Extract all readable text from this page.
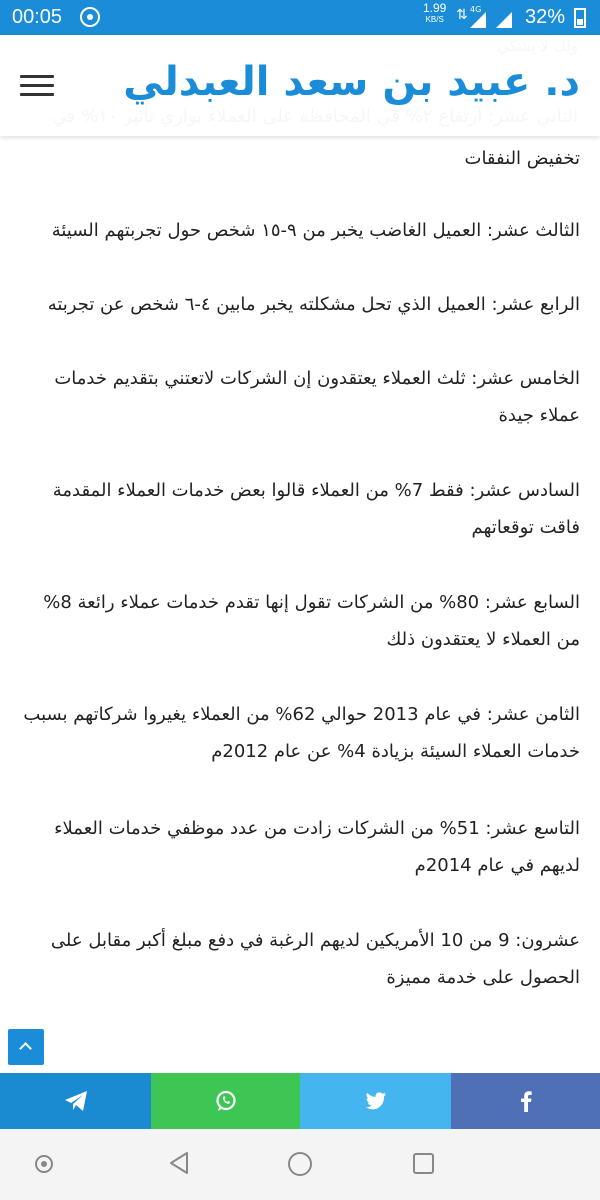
00:05	1.99
KB/S ⇅ 4G 32%
د. عبيد بن سعد العبدلي
تخفيض النفقات
الثالث عشر: العميل الغاضب يخبر من ٩-١٥ شخص حول تجربتهم السيئة
الرابع عشر: العميل الذي تحل مشكلته يخبر مابين ٤-٦ شخص عن تجربته
الخامس عشر: ثلث العملاء يعتقدون إن الشركات لاتعتني بتقديم خدمات عملاء جيدة
السادس عشر: فقط 7% من العملاء قالوا بعض خدمات العملاء المقدمة فاقت توقعاتهم
السابع عشر: 80% من الشركات تقول إنها تقدم خدمات عملاء رائعة 8% من العملاء لا يعتقدون ذلك
الثامن عشر: في عام 2013 حوالي 62% من العملاء يغيروا شركاتهم بسبب خدمات العملاء السيئة بزيادة 4% عن عام 2012م
التاسع عشر: 51% من الشركات زادت من عدد موظفي خدمات العملاء لديهم في عام 2014م
عشرون: 9 من 10 الأمريكين لديهم الرغبة في دفع مبلغ أكبر مقابل على الحصول على خدمة مميزة
